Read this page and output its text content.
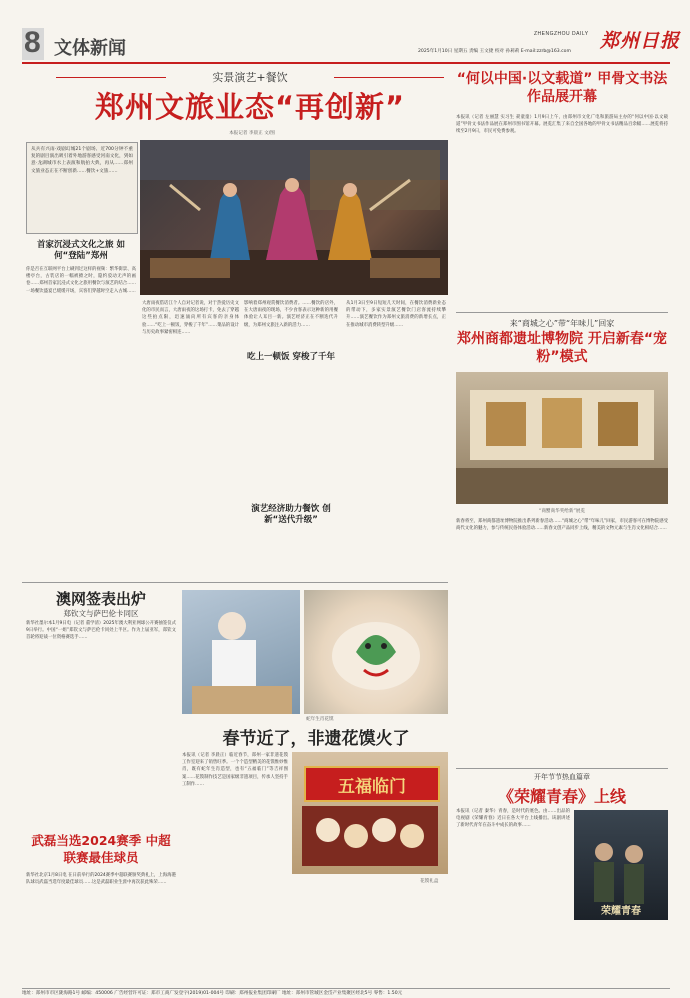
8 文体新闻
ZHENGZHOU DAILY
2025年1月10日 星期五 责编 王文捷 校对 孙莉莉 E-mail:zzrb@163.com 郑州日报
实景演艺+餐饮
郑州文旅业态“再创新”
本报记者 李晨正 文/图
从兵有兴雨·戏剧幻城21个剧场、近700分钟不重复的剧目演出吸引着外地游客感受河南文化，到如意·龙湖城市水上表演和航拍大典，再从……郑州文旅业态正在不断创新……餐饮+文旅……
首家沉浸式文化之旅 如何“登陆”郑州
你是否在互联网平台上刷到过这样的视频：繁华街景、高楼亭台，古装店的一幅被掀之时，隐约驳动无声的画卷……郑州首家沉浸式文化之旅用餐饮与演艺的结合……一场餐饮盛宴已缓缓开场，宾客们穿越时空走入古城……
大唐雨夜借话江个人自对记者说，对于热爱历史文化的市民而言，大唐雨夜的这场打卡，免去了穿越这些拍点限，迅速涌向所有宾客的亲身体验……“吃上一顿饭，穿梭了千年”……菜品的设计与历史故事紧密相连……
吃上一顿饭 穿梭了千年
影响着郑州观赏餐饮消费者。……餐饮的店外，在大唐雨夜的现场，不少食客表示这种新的用餐体验让人耳目一新。演艺经济正在不断迭代升级，为郑州文旅注入新的活力……
演艺经济助力餐饮 创新“送代升级”
从1月3日至9日短短几天时间，在餐饮消费新业态的带动下，多家实景演艺餐饮门店客流持续攀升……演艺餐饮作为郑州文旅消费的新增长点，正在推动城市消费转型升级……
“何以中国·以文载道” 甲骨文书法作品展开幕
本报讯（记者 左丽慧 实习生 聂童童）1月9日上午，由郑州市文化广电和旅游局主办的“何以中国·以文载道”甲骨文书法作品展在郑州市图书馆开幕。展览汇集了来自全国各地的甲骨文书法精品百余幅……展览将持续至2月9日，市民可免费参观。
来“商城之心”带“年味儿”回家
郑州商都遗址博物院 开启新春“宠粉”模式
“商蟹商华奖给新”展览
新春将至，郑州商都遗址博物院推出系列新春活动……“商城之心”带“年味儿”回家，市民游客可在博物院感受商代文化的魅力，参与传统民俗体验活动……新春文创产品同步上线，精美的文物元素与生肖文化相结合……
澳网签表出炉
郑钦文与萨巴伦卡同区
新华社墨尔本1月9日电（记者 董学清）2025年澳大利亚网球公开赛抽签仪式9日举行。中国“一姐”郑钦文与萨巴伦卡同处上半区。作为上届亚军，郑钦文首轮将迎战一位资格赛选手……
蛇年生肖花馍
春节近了，非遗花馍火了
本报讯（记者 李晨正）临近春节，郑州一家非遗花馍工作室迎来了销售旺季。一个个造型精美的花馍惟妙惟肖，既有蛇年生肖造型，也有“五福临门”等吉祥图案……花馍制作技艺是国家级非遗项目，传承人坚持手工制作……	五福临门
花馍礼盒
武磊当选2024赛季 中超联赛最佳球员
新华社北京1月8日电 在日前举行的2024赛季中超联赛颁奖典礼上，上海海港队球员武磊当选年度最佳球员……这是武磊职业生涯中再次获此殊荣……
开年节节热血篇章
《荣耀青春》上线
本报讯（记者 秦华）青春，是时代的底色。由……出品的电视剧《荣耀青春》近日在各大平台上线播出。该剧讲述了新时代青年在奋斗中成长的故事……
荣耀青春
地址：郑州市市区陇海路1号 邮编：450006 广告经营许可证：郑市工商广发登字(2019)01-004号 印刷：郑州报业集团印刷厂 地址：郑州市管城区金岱产业集聚区经北5号 零售：1.50元
